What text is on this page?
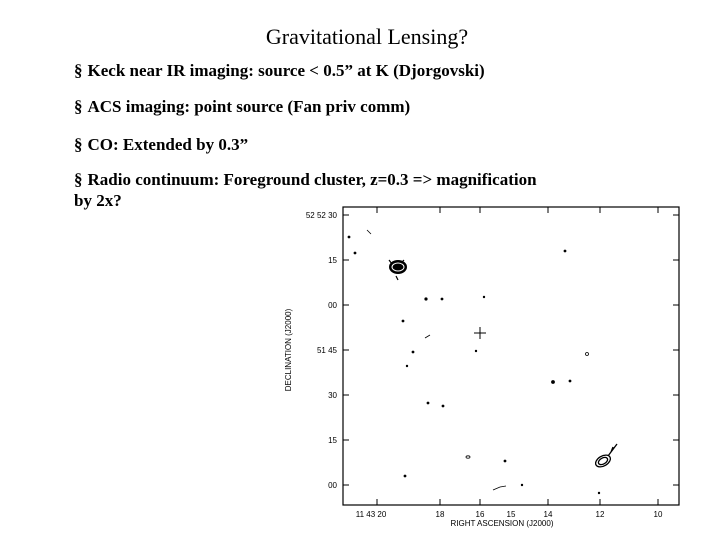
Gravitational Lensing?
§ Keck near IR imaging: source < 0.5” at K (Djorgovski)
§ ACS imaging: point source (Fan priv comm)
§ CO: Extended by 0.3”
§ Radio continuum: Foreground cluster, z=0.3 => magnification
by 2x?
52 52 30
15
00
51 45
30
15
00
11 43 20	18	16	15	14	12	10
RIGHT ASCENSION (J2000)
DECLINATION (J2000)
